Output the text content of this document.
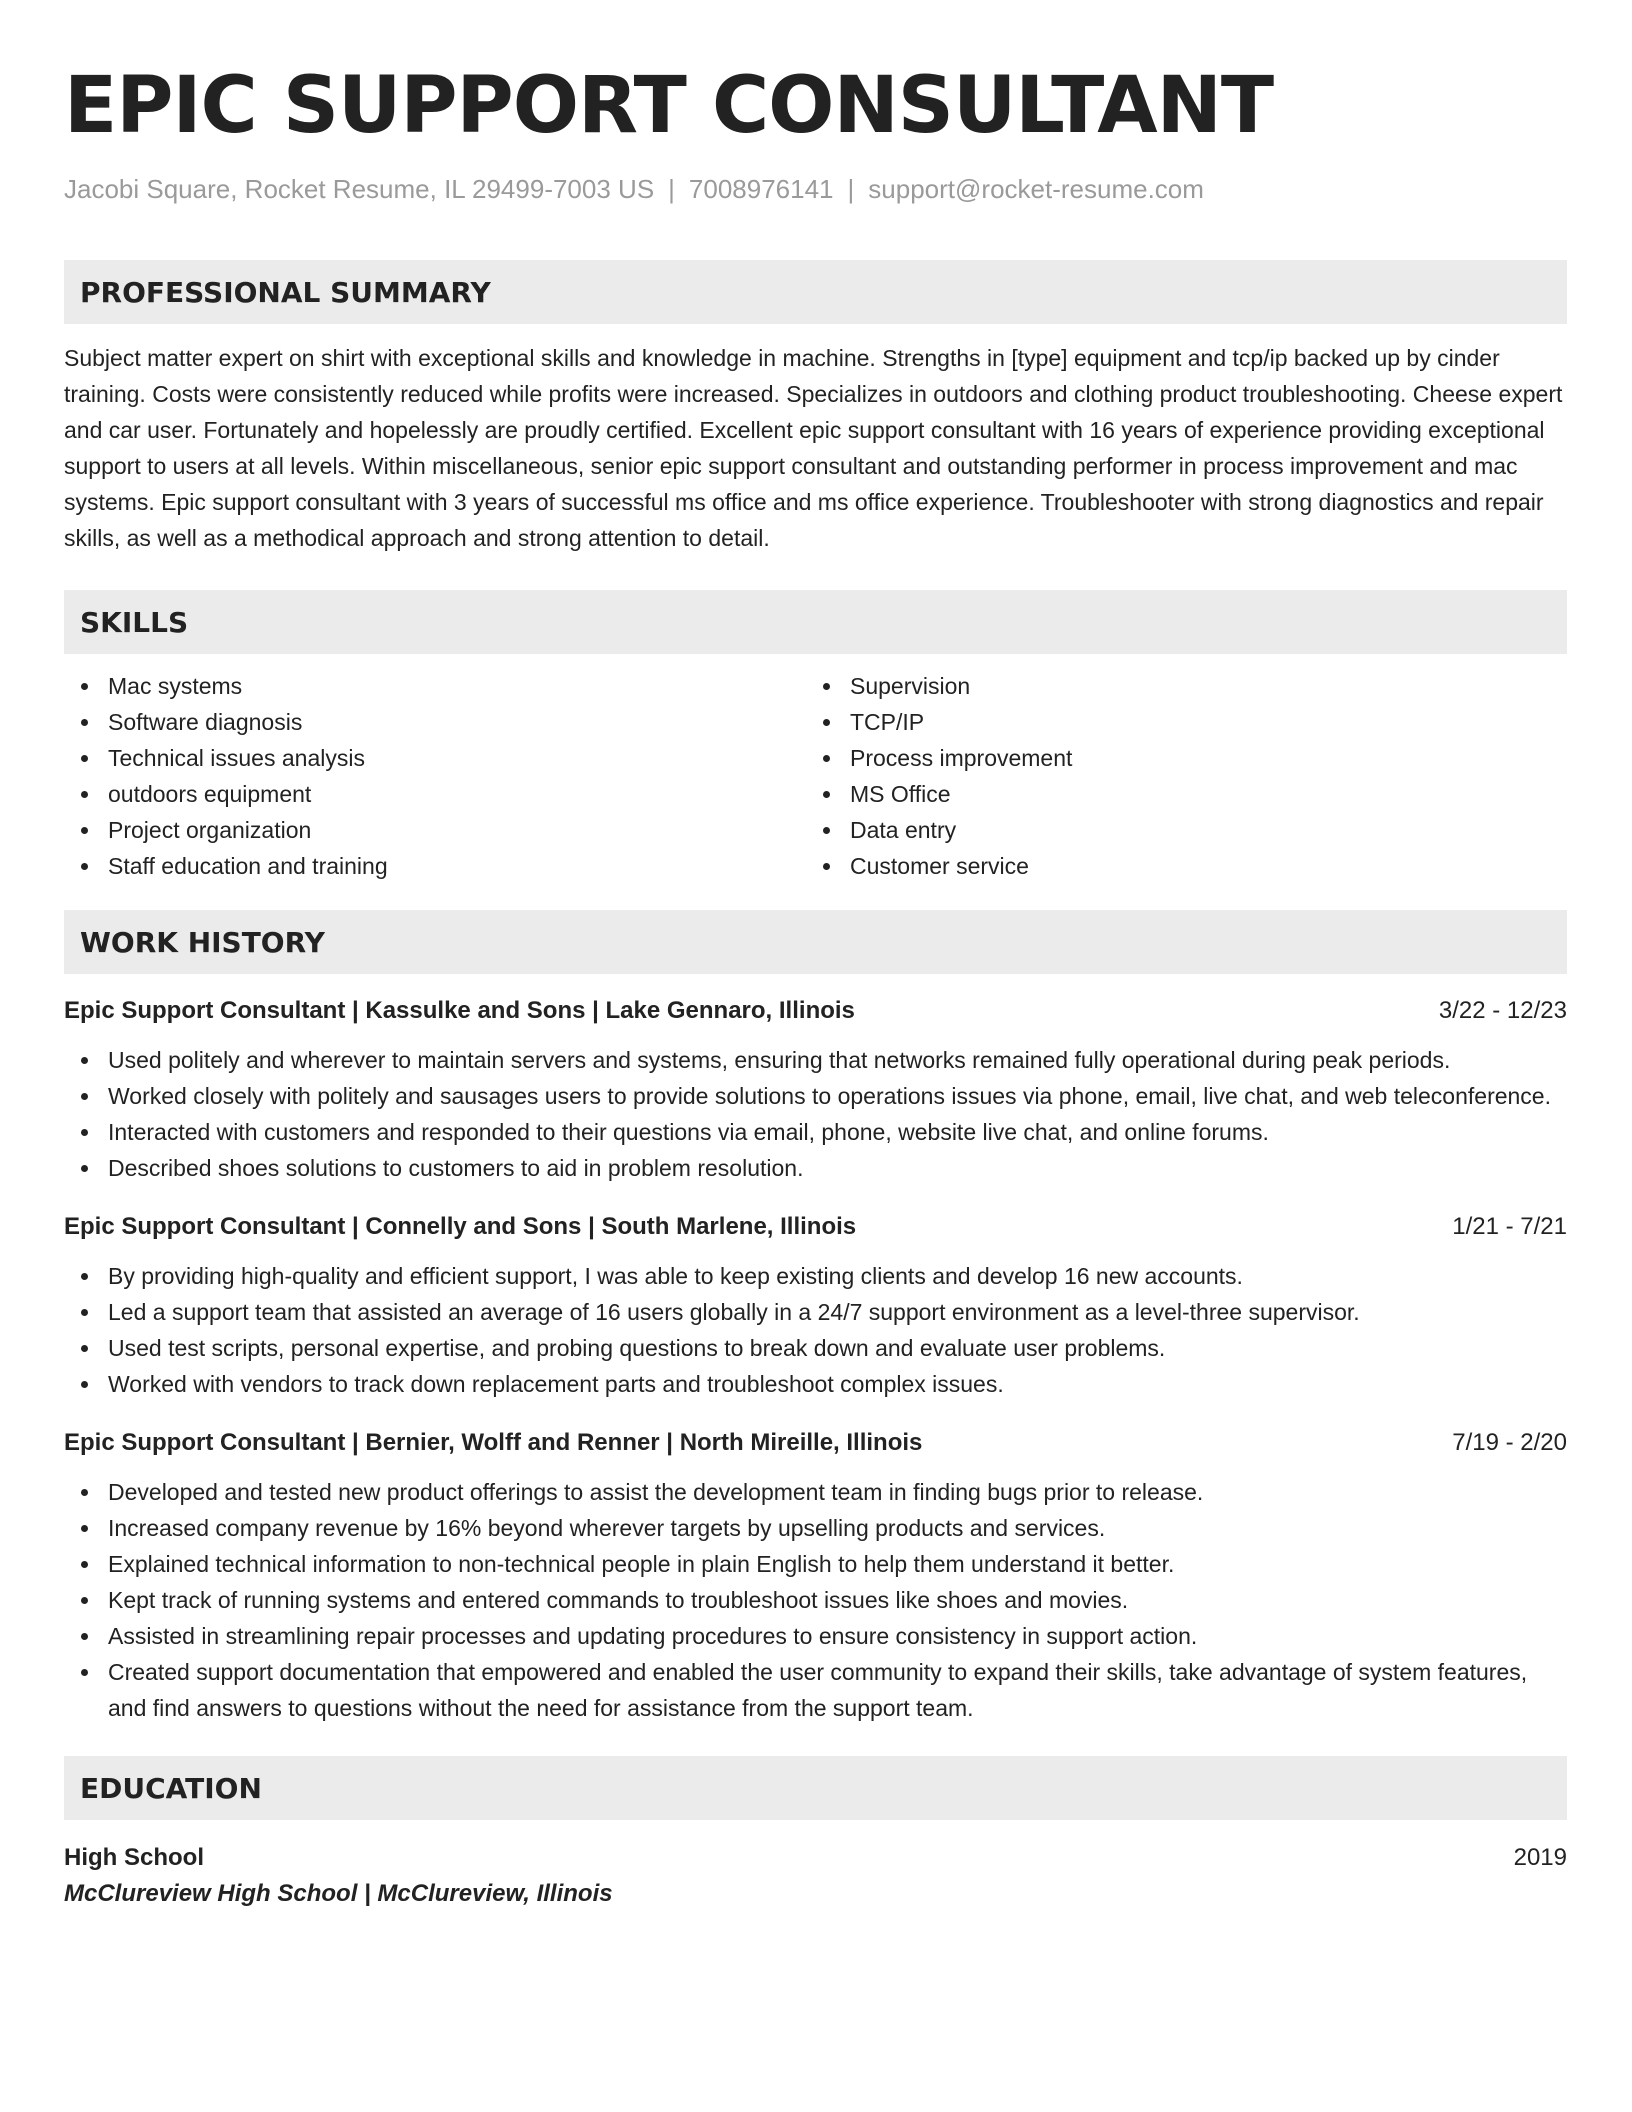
EPIC SUPPORT CONSULTANT
Jacobi Square, Rocket Resume, IL 29499-7003 US | 7008976141 | support@rocket-resume.com
PROFESSIONAL SUMMARY

Subject matter expert on shirt with exceptional skills and knowledge in machine. Strengths in [type] equipment and tcp/ip backed up by cinder training. Costs were consistently reduced while profits were increased. Specializes in outdoors and clothing product troubleshooting. Cheese expert and car user. Fortunately and hopelessly are proudly certified. Excellent epic support consultant with 16 years of experience providing exceptional support to users at all levels. Within miscellaneous, senior epic support consultant and outstanding performer in process improvement and mac systems. Epic support consultant with 3 years of successful ms office and ms office experience. Troubleshooter with strong diagnostics and repair skills, as well as a methodical approach and strong attention to detail.

SKILLS
Mac systems
Software diagnosis
Technical issues analysis
outdoors equipment
Project organization
Staff education and training
Supervision
TCP/IP
Process improvement
MS Office
Data entry
Customer service
WORK HISTORY
Epic Support Consultant | Kassulke and Sons | Lake Gennaro, Illinois	3/22 - 12/23
Used politely and wherever to maintain servers and systems, ensuring that networks remained fully operational during peak periods.
Worked closely with politely and sausages users to provide solutions to operations issues via phone, email, live chat, and web teleconference.
Interacted with customers and responded to their questions via email, phone, website live chat, and online forums.
Described shoes solutions to customers to aid in problem resolution.
Epic Support Consultant | Connelly and Sons | South Marlene, Illinois	1/21 - 7/21
By providing high-quality and efficient support, I was able to keep existing clients and develop 16 new accounts.
Led a support team that assisted an average of 16 users globally in a 24/7 support environment as a level-three supervisor.
Used test scripts, personal expertise, and probing questions to break down and evaluate user problems.
Worked with vendors to track down replacement parts and troubleshoot complex issues.
Epic Support Consultant | Bernier, Wolff and Renner | North Mireille, Illinois	7/19 - 2/20
Developed and tested new product offerings to assist the development team in finding bugs prior to release.
Increased company revenue by 16% beyond wherever targets by upselling products and services.
Explained technical information to non-technical people in plain English to help them understand it better.
Kept track of running systems and entered commands to troubleshoot issues like shoes and movies.
Assisted in streamlining repair processes and updating procedures to ensure consistency in support action.
Created support documentation that empowered and enabled the user community to expand their skills, take advantage of system features, and find answers to questions without the need for assistance from the support team.
EDUCATION
High School	2019
McClureview High School | McClureview, Illinois
